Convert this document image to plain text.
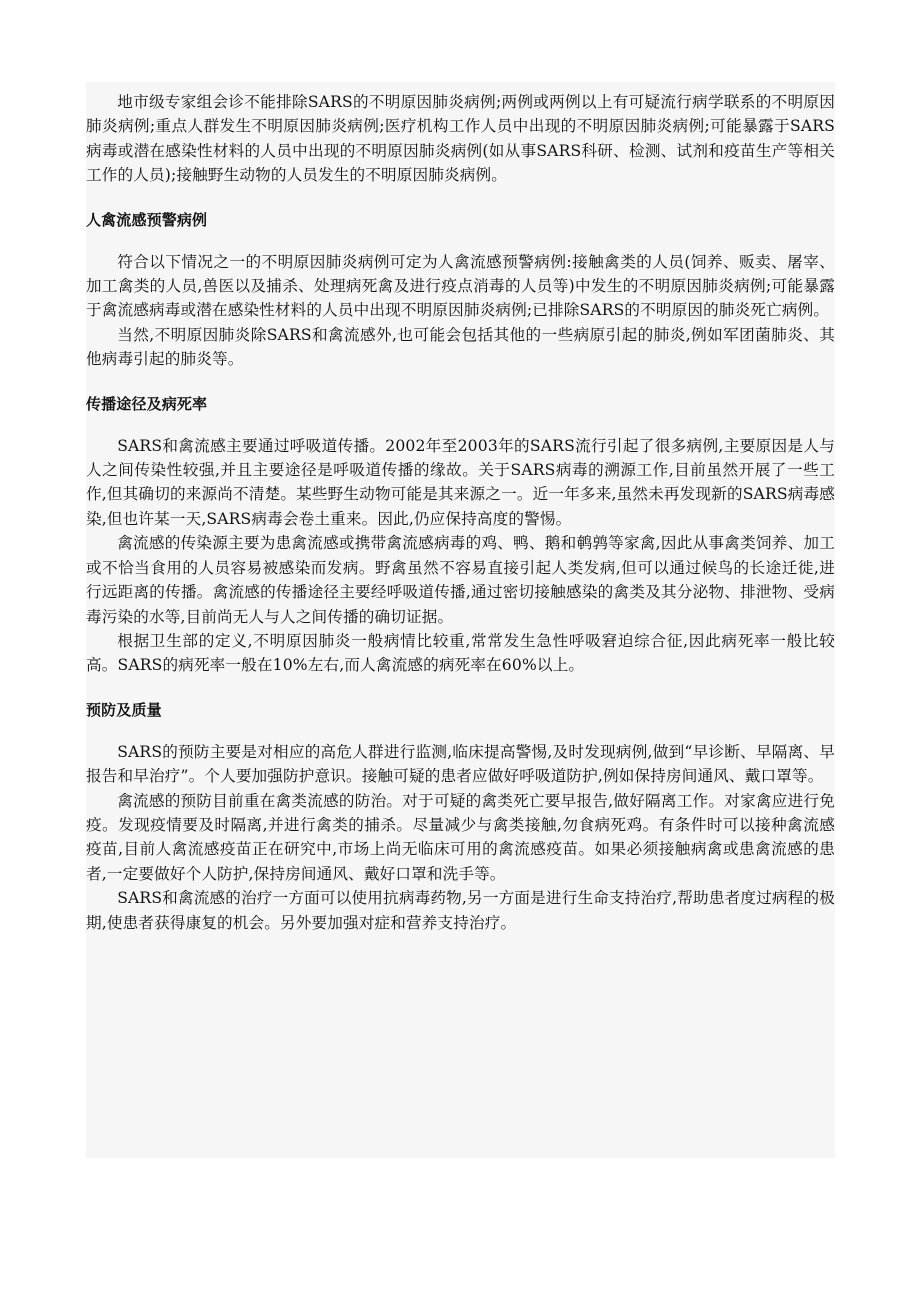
地市级专家组会诊不能排除SARS的不明原因肺炎病例;两例或两例以上有可疑流行病学联系的不明原因肺炎病例;重点人群发生不明原因肺炎病例;医疗机构工作人员中出现的不明原因肺炎病例;可能暴露于SARS病毒或潜在感染性材料的人员中出现的不明原因肺炎病例(如从事SARS科研、检测、试剂和疫苗生产等相关工作的人员);接触野生动物的人员发生的不明原因肺炎病例。

人禽流感预警病例

符合以下情况之一的不明原因肺炎病例可定为人禽流感预警病例:接触禽类的人员(饲养、贩卖、屠宰、加工禽类的人员,兽医以及捕杀、处理病死禽及进行疫点消毒的人员等)中发生的不明原因肺炎病例;可能暴露于禽流感病毒或潜在感染性材料的人员中出现不明原因肺炎病例;已排除SARS的不明原因的肺炎死亡病例。

当然,不明原因肺炎除SARS和禽流感外,也可能会包括其他的一些病原引起的肺炎,例如军团菌肺炎、其他病毒引起的肺炎等。

传播途径及病死率

SARS和禽流感主要通过呼吸道传播。2002年至2003年的SARS流行引起了很多病例,主要原因是人与人之间传染性较强,并且主要途径是呼吸道传播的缘故。关于SARS病毒的溯源工作,目前虽然开展了一些工作,但其确切的来源尚不清楚。某些野生动物可能是其来源之一。近一年多来,虽然未再发现新的SARS病毒感染,但也许某一天,SARS病毒会卷土重来。因此,仍应保持高度的警惕。

禽流感的传染源主要为患禽流感或携带禽流感病毒的鸡、鸭、鹅和鹌鹑等家禽,因此从事禽类饲养、加工或不恰当食用的人员容易被感染而发病。野禽虽然不容易直接引起人类发病,但可以通过候鸟的长途迁徙,进行远距离的传播。禽流感的传播途径主要经呼吸道传播,通过密切接触感染的禽类及其分泌物、排泄物、受病毒污染的水等,目前尚无人与人之间传播的确切证据。

根据卫生部的定义,不明原因肺炎一般病情比较重,常常发生急性呼吸窘迫综合征,因此病死率一般比较高。SARS的病死率一般在10%左右,而人禽流感的病死率在60%以上。

预防及质量

SARS的预防主要是对相应的高危人群进行监测,临床提高警惕,及时发现病例,做到“早诊断、早隔离、早报告和早治疗”。个人要加强防护意识。接触可疑的患者应做好呼吸道防护,例如保持房间通风、戴口罩等。

禽流感的预防目前重在禽类流感的防治。对于可疑的禽类死亡要早报告,做好隔离工作。对家禽应进行免疫。发现疫情要及时隔离,并进行禽类的捕杀。尽量减少与禽类接触,勿食病死鸡。有条件时可以接种禽流感疫苗,目前人禽流感疫苗正在研究中,市场上尚无临床可用的禽流感疫苗。如果必须接触病禽或患禽流感的患者,一定要做好个人防护,保持房间通风、戴好口罩和洗手等。

SARS和禽流感的治疗一方面可以使用抗病毒药物,另一方面是进行生命支持治疗,帮助患者度过病程的极期,使患者获得康复的机会。另外要加强对症和营养支持治疗。
